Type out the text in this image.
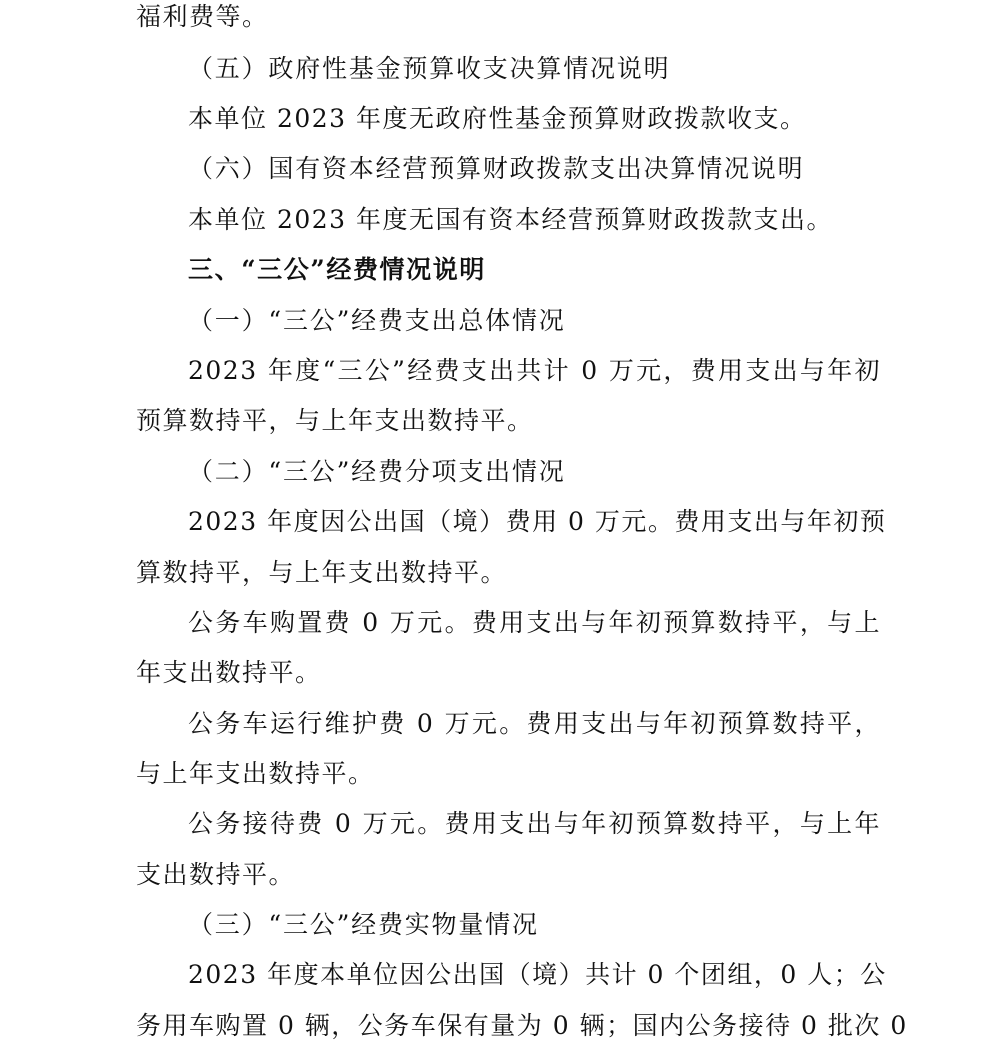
福利费等。
（五）政府性基金预算收支决算情况说明
本单位 2023 年度无政府性基金预算财政拨款收支。
（六）国有资本经营预算财政拨款支出决算情况说明
本单位 2023 年度无国有资本经营预算财政拨款支出。
三、“三公”经费情况说明
（一）“三公”经费支出总体情况
2023 年度“三公”经费支出共计 0 万元，费用支出与年初
预算数持平，与上年支出数持平。
（二）“三公”经费分项支出情况
2023 年度因公出国（境）费用 0 万元。费用支出与年初预
算数持平，与上年支出数持平。
公务车购置费 0 万元。费用支出与年初预算数持平，与上
年支出数持平。
公务车运行维护费 0 万元。费用支出与年初预算数持平，
与上年支出数持平。
公务接待费 0 万元。费用支出与年初预算数持平，与上年
支出数持平。
（三）“三公”经费实物量情况
2023 年度本单位因公出国（境）共计 0 个团组，0 人；公
务用车购置 0 辆，公务车保有量为 0 辆；国内公务接待 0 批次 0
